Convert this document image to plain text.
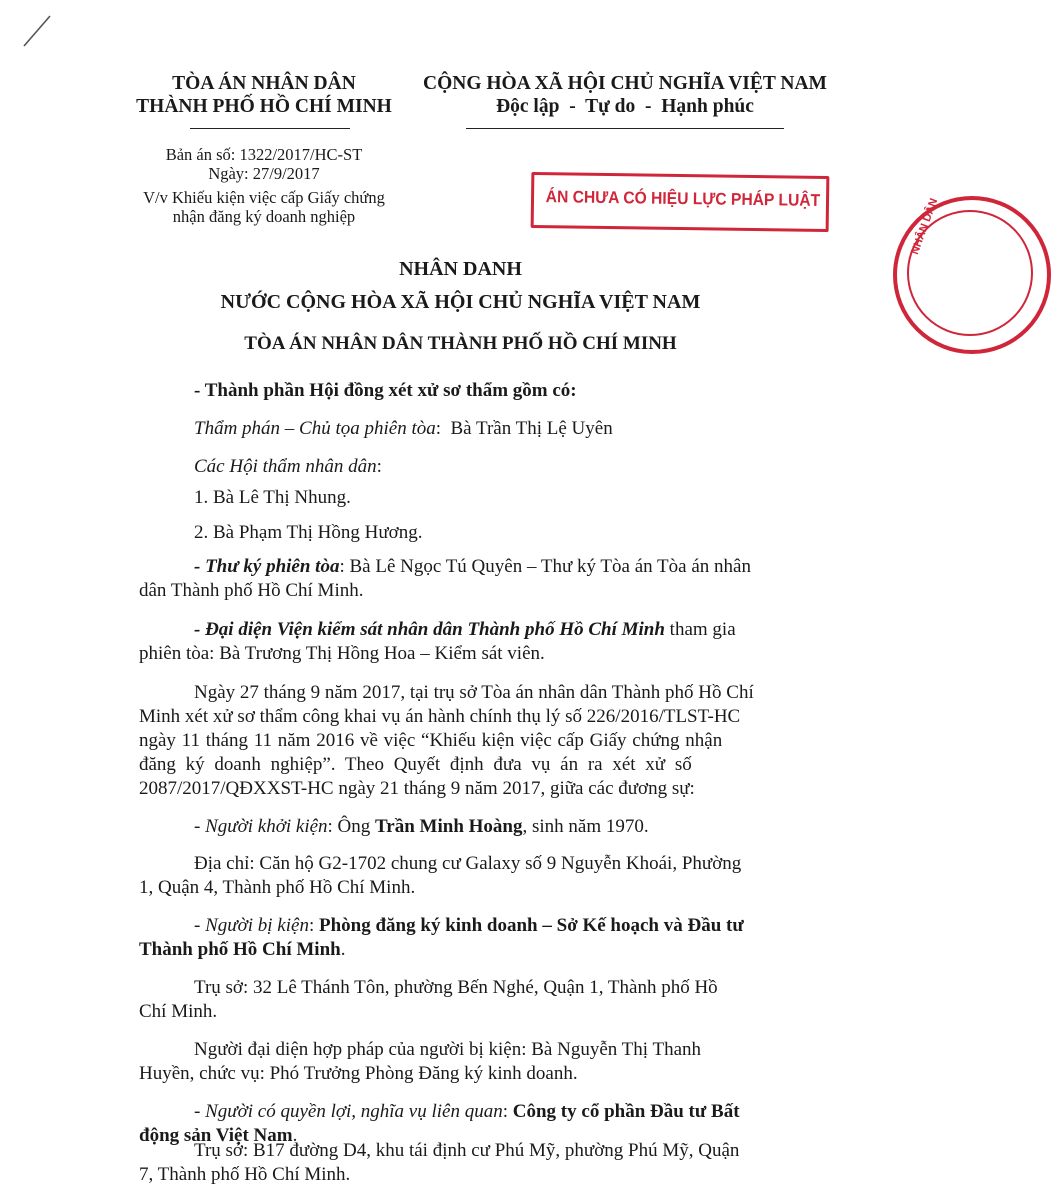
TÒA ÁN NHÂN DÂN
THÀNH PHỐ HỒ CHÍ MINH
CỘNG HÒA XÃ HỘI CHỦ NGHĨA VIỆT NAM
Độc lập  -  Tự do  -  Hạnh phúc
Bản án số: 1322/2017/HC-ST
Ngày: 27/9/2017
V/v Khiếu kiện việc cấp Giấy chứng
nhận đăng ký doanh nghiệp
ÁN CHƯA CÓ HIỆU LỰC PHÁP LUẬT	NHÂN DÂN
NHÂN DANH
NƯỚC CỘNG HÒA XÃ HỘI CHỦ NGHĨA VIỆT NAM
TÒA ÁN NHÂN DÂN THÀNH PHỐ HỒ CHÍ MINH
- Thành phần Hội đồng xét xử sơ thẩm gồm có:
Thẩm phán – Chủ tọa phiên tòa:  Bà Trần Thị Lệ Uyên
Các Hội thẩm nhân dân:
1. Bà Lê Thị Nhung.
2. Bà Phạm Thị Hồng Hương.
- Thư ký phiên tòa: Bà Lê Ngọc Tú Quyên – Thư ký Tòa án Tòa án nhân
dân Thành phố Hồ Chí Minh.
- Đại diện Viện kiểm sát nhân dân Thành phố Hồ Chí Minh tham gia
phiên tòa: Bà Trương Thị Hồng Hoa – Kiểm sát viên.
Ngày 27 tháng 9 năm 2017, tại trụ sở Tòa án nhân dân Thành phố Hồ Chí
Minh xét xử sơ thẩm công khai vụ án hành chính thụ lý số 226/2016/TLST-HC
ngày 11 tháng 11 năm 2016 về việc “Khiếu kiện việc cấp Giấy chứng nhận
đăng ký doanh nghiệp”. Theo Quyết định đưa vụ án ra xét xử số
2087/2017/QĐXXST-HC ngày 21 tháng 9 năm 2017, giữa các đương sự:
- Người khởi kiện: Ông Trần Minh Hoàng, sinh năm 1970.
Địa chỉ: Căn hộ G2-1702 chung cư Galaxy số 9 Nguyễn Khoái, Phường
1, Quận 4, Thành phố Hồ Chí Minh.
- Người bị kiện: Phòng đăng ký kinh doanh – Sở Kế hoạch và Đầu tư
Thành phố Hồ Chí Minh.
Trụ sở: 32 Lê Thánh Tôn, phường Bến Nghé, Quận 1, Thành phố Hồ
Chí Minh.
Người đại diện hợp pháp của người bị kiện: Bà Nguyễn Thị Thanh
Huyền, chức vụ: Phó Trưởng Phòng Đăng ký kinh doanh.
- Người có quyền lợi, nghĩa vụ liên quan: Công ty cổ phần Đầu tư Bất
động sản Việt Nam.
Trụ sở: B17 đường D4, khu tái định cư Phú Mỹ, phường Phú Mỹ, Quận
7, Thành phố Hồ Chí Minh.
